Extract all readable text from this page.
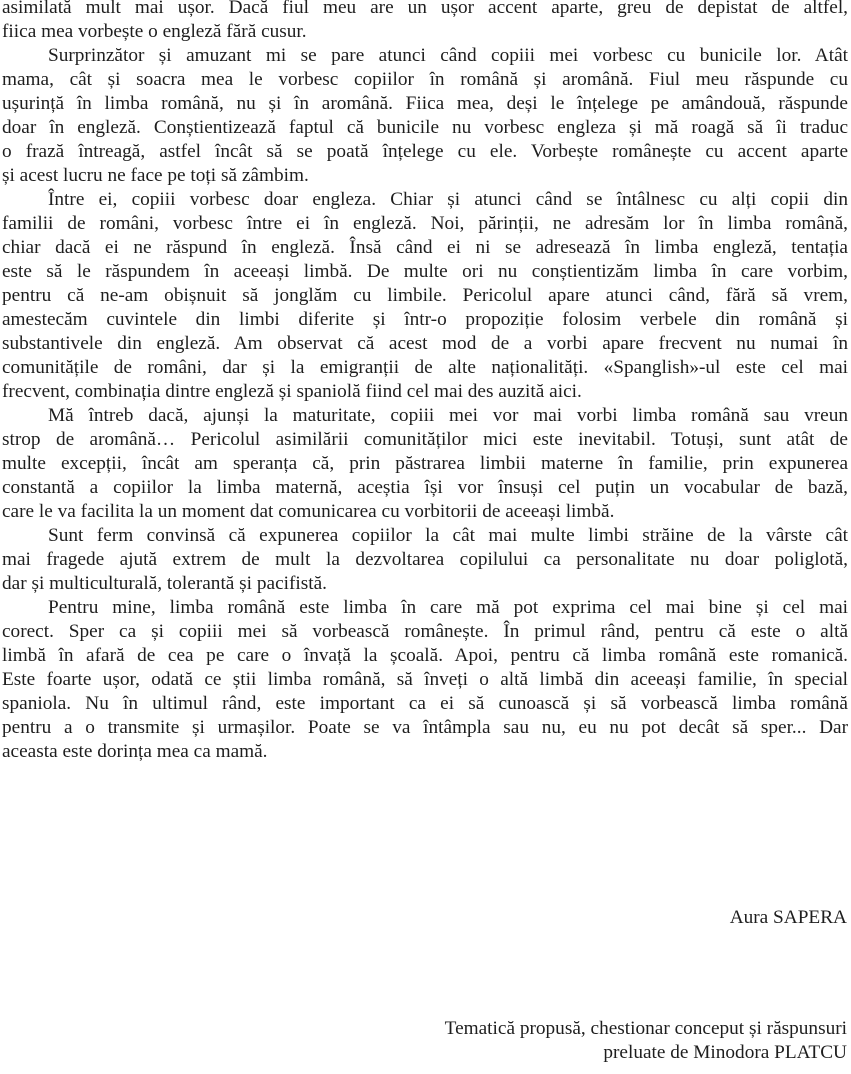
asimilată mult mai ușor. Dacă fiul meu are un ușor accent aparte, greu de depistat de altfel,
fiica mea vorbește o engleză fără cusur.
Surprinzător și amuzant mi se pare atunci când copiii mei vorbesc cu bunicile lor. Atât
mama, cât și soacra mea le vorbesc copiilor în română și aromână. Fiul meu răspunde cu
ușurință în limba română, nu și în aromână. Fiica mea, deși le înțelege pe amândouă, răspunde
doar în engleză. Conștientizează faptul că bunicile nu vorbesc engleza și mă roagă să îi traduc
o frază întreagă, astfel încât să se poată înțelege cu ele. Vorbește românește cu accent aparte
și acest lucru ne face pe toți să zâmbim.
Între ei, copiii vorbesc doar engleza. Chiar și atunci când se întâlnesc cu alți copii din
familii de români, vorbesc între ei în engleză. Noi, părinții, ne adresăm lor în limba română,
chiar dacă ei ne răspund în engleză. Însă când ei ni se adresează în limba engleză, tentația
este să le răspundem în aceeași limbă. De multe ori nu conștientizăm limba în care vorbim,
pentru că ne-am obișnuit să jonglăm cu limbile. Pericolul apare atunci când, fără să vrem,
amestecăm cuvintele din limbi diferite și într-o propoziție folosim verbele din română și
substantivele din engleză. Am observat că acest mod de a vorbi apare frecvent nu numai în
comunitățile de români, dar și la emigranții de alte naționalități. «Spanglish»-ul este cel mai
frecvent, combinația dintre engleză și spaniolă fiind cel mai des auzită aici.
Mă întreb dacă, ajunși la maturitate, copiii mei vor mai vorbi limba română sau vreun
strop de aromână… Pericolul asimilării comunităților mici este inevitabil. Totuși, sunt atât de
multe excepții, încât am speranța că, prin păstrarea limbii materne în familie, prin expunerea
constantă a copiilor la limba maternă, aceștia își vor însuși cel puțin un vocabular de bază,
care le va facilita la un moment dat comunicarea cu vorbitorii de aceeași limbă.
Sunt ferm convinsă că expunerea copiilor la cât mai multe limbi străine de la vârste cât
mai fragede ajută extrem de mult la dezvoltarea copilului ca personalitate nu doar poliglotă,
dar și multiculturală, tolerantă și pacifistă.
Pentru mine, limba română este limba în care mă pot exprima cel mai bine și cel mai
corect. Sper ca și copiii mei să vorbească românește. În primul rând, pentru că este o altă
limbă în afară de cea pe care o învață la școală. Apoi, pentru că limba română este romanică.
Este foarte ușor, odată ce știi limba română, să înveți o altă limbă din aceeași familie, în special
spaniola. Nu în ultimul rând, este important ca ei să cunoască și să vorbească limba română
pentru a o transmite și urmașilor. Poate se va întâmpla sau nu, eu nu pot decât să sper... Dar
aceasta este dorința mea ca mamă.
Aura SAPERA
Tematică propusă, chestionar conceput și răspunsuri
preluate de Minodora PLATCU
